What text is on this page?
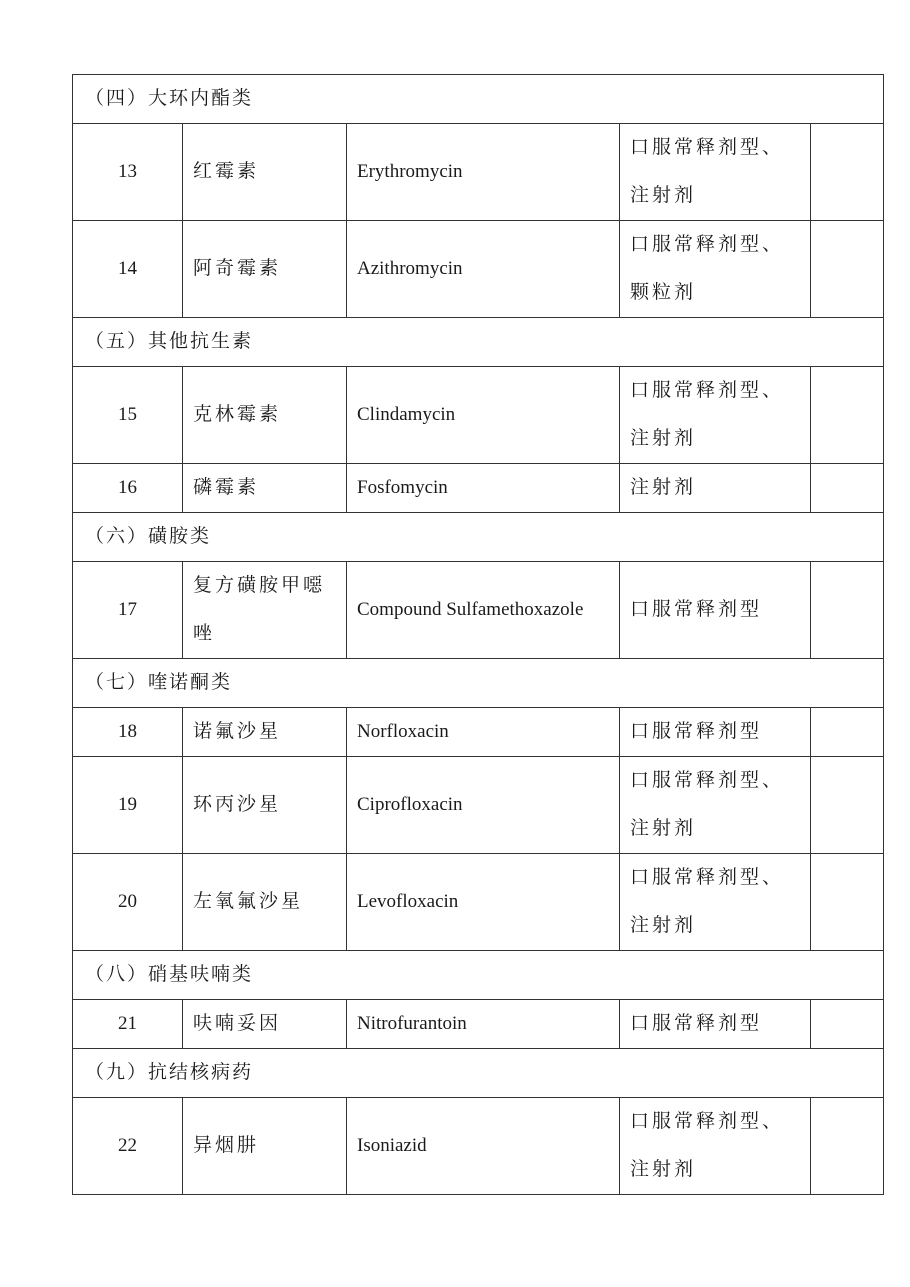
（四）大环内酯类				
13	红霉素	Erythromycin	口服常释剂型、注射剂	
14	阿奇霉素	Azithromycin	口服常释剂型、颗粒剂	
（五）其他抗生素				
15	克林霉素	Clindamycin	口服常释剂型、注射剂	
16	磷霉素	Fosfomycin	注射剂	
（六）磺胺类				
17	复方磺胺甲噁唑	Compound Sulfamethoxazole	口服常释剂型	
（七）喹诺酮类				
18	诺氟沙星	Norfloxacin	口服常释剂型	
19	环丙沙星	Ciprofloxacin	口服常释剂型、注射剂	
20	左氧氟沙星	Levofloxacin	口服常释剂型、注射剂	
（八）硝基呋喃类				
21	呋喃妥因	Nitrofurantoin	口服常释剂型	
（九）抗结核病药				
22	异烟肼	Isoniazid	口服常释剂型、注射剂	
